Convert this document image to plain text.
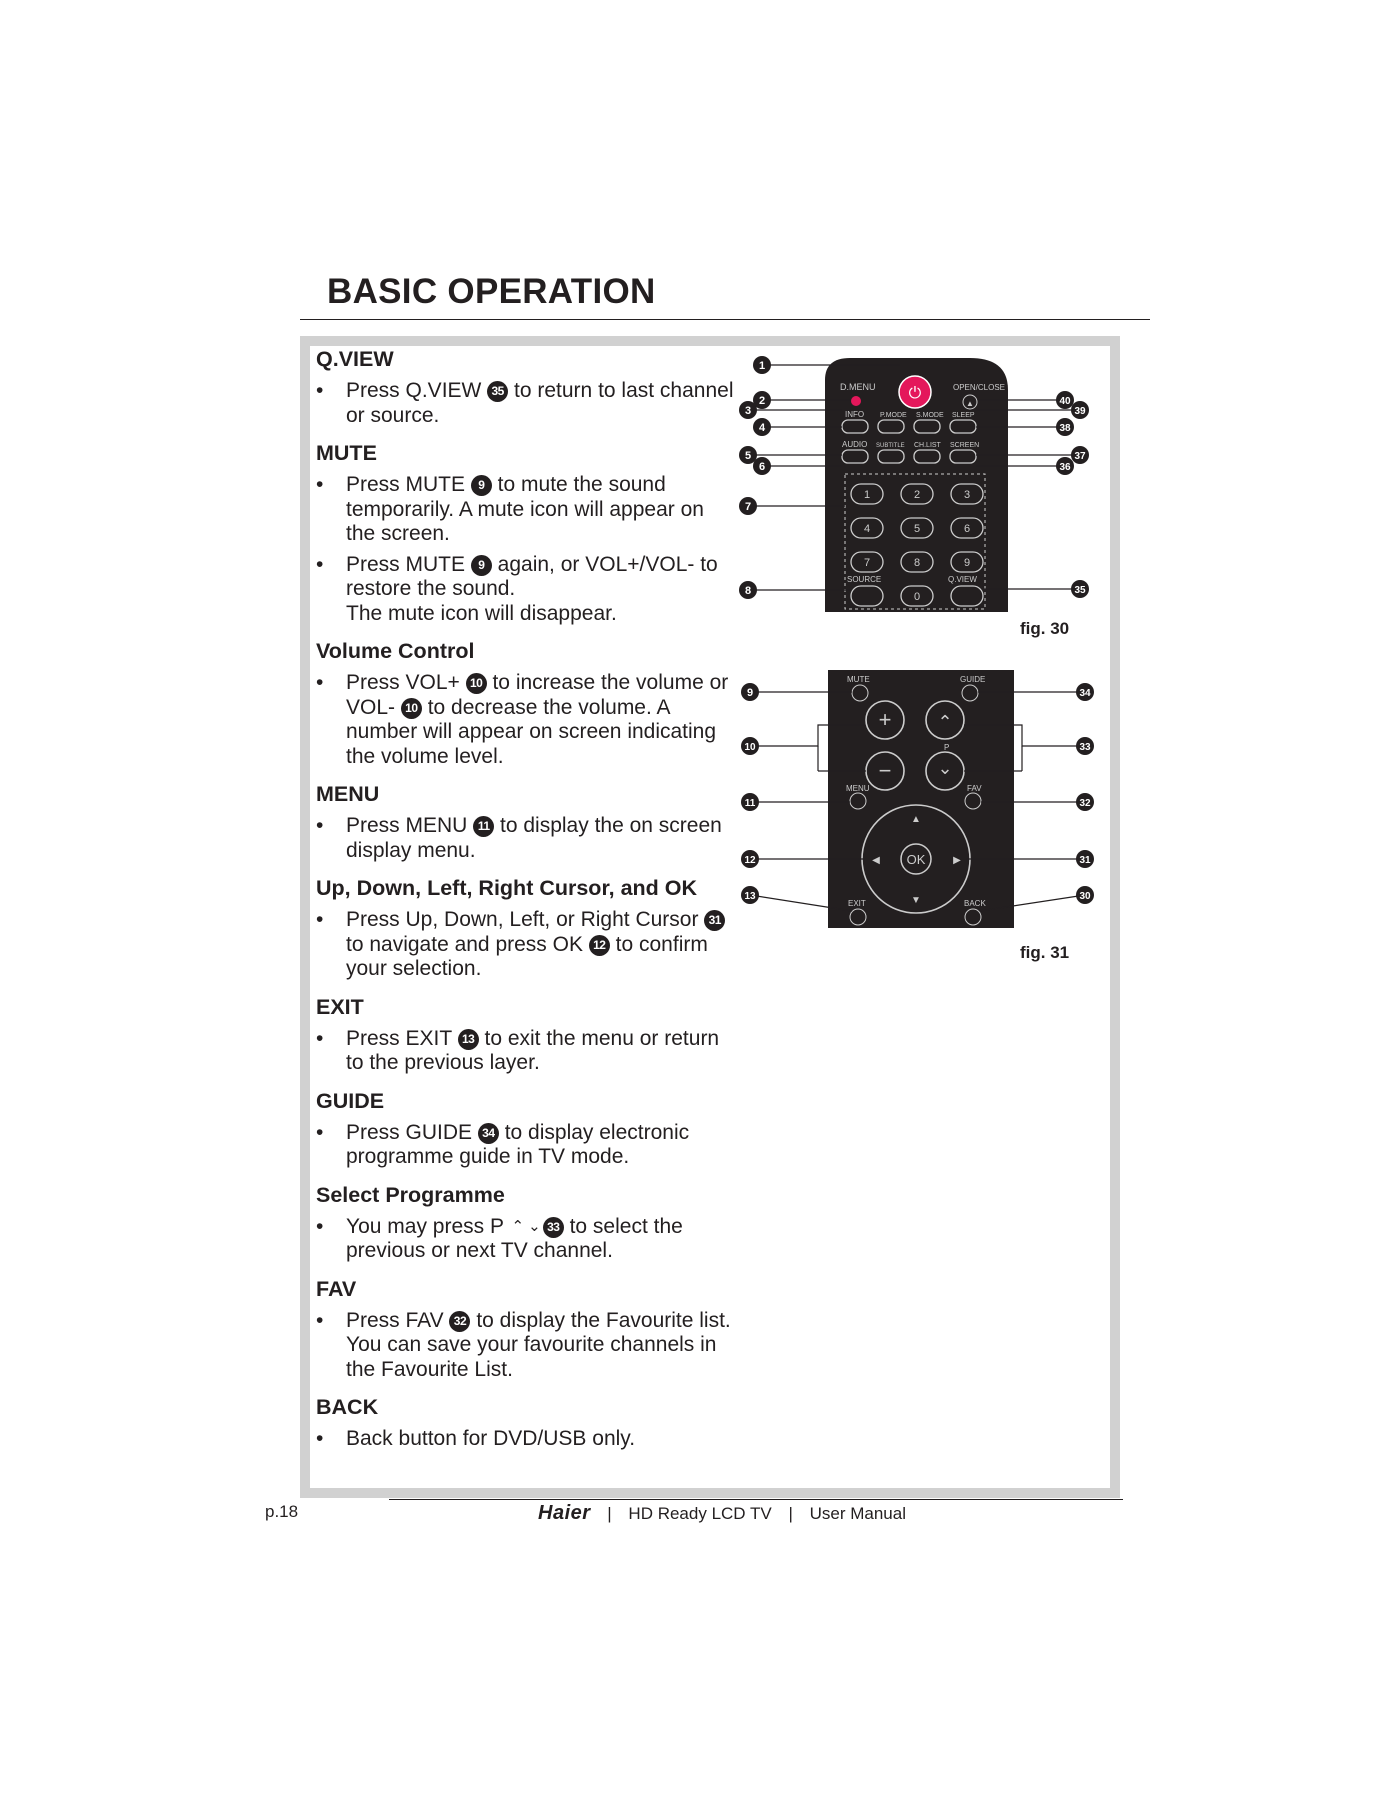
BASIC OPERATION
Q.VIEW
• Press Q.VIEW 35 to return to last channel or source.
MUTE
• Press MUTE 9 to mute the sound temporarily. A mute icon will appear on the screen.
• Press MUTE 9 again, or VOL+/VOL- to restore the sound.
The mute icon will disappear.
Volume Control
• Press VOL+ 10 to increase the volume or VOL- 10 to decrease the volume. A number will appear on screen indicating the volume level.
MENU
• Press MENU 11 to display the on screen display menu.
Up, Down, Left, Right Cursor, and OK
• Press Up, Down, Left, or Right Cursor 31 to navigate and press OK 12 to confirm your selection.
EXIT
• Press EXIT 13 to exit the menu or return to the previous layer.
GUIDE
• Press GUIDE 34 to display electronic programme guide in TV mode.
Select Programme
• You may press P ⌃ ⌄ 33 to select the previous or next TV channel.
FAV
• Press FAV 32 to display the Favourite list. You can save your favourite channels in the Favourite List.
BACK
• Back button for DVD/USB only.
⏻
D.MENU	OPEN/CLOSE
▲
INFO P.MODE S.MODE SLEEP
AUDIO SUBTITLE CH.LIST SCREEN
1	2	3
4	5	6
7	8	9
0
SOURCE	Q.VIEW
1
2
3
4
5
6
7
8
40
39
38
37
36
35
fig. 30
MUTE	GUIDE
+
−
⌃
⌄
P
MENU	FAV
OK
▲
▼
◀	▶
EXIT	BACK
9
10
11
12
13
34
33
32
31
30
fig. 31
p.18	Haier | HD Ready LCD TV | User Manual
